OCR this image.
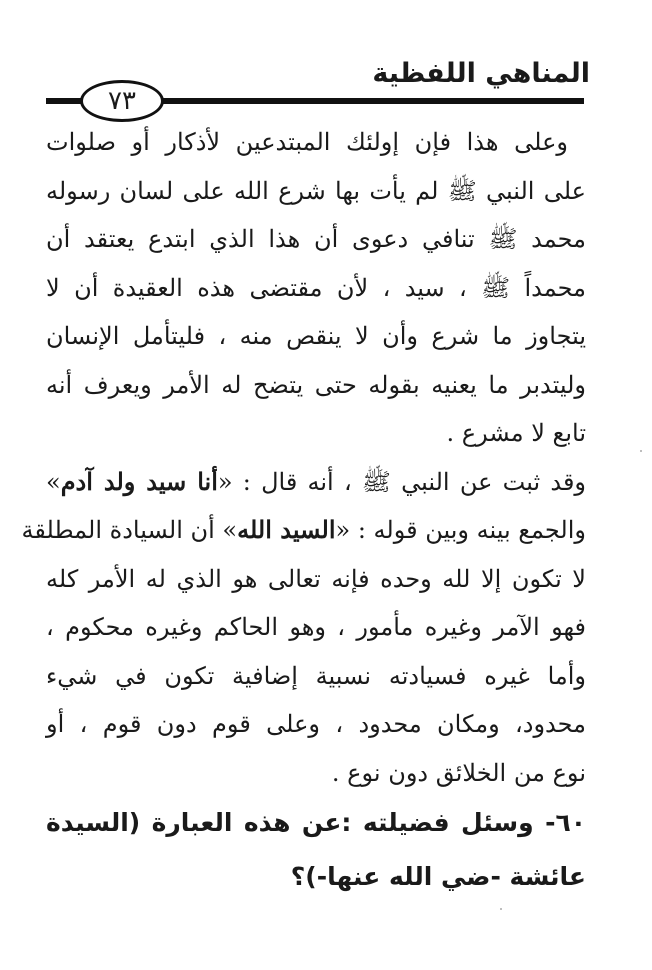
المناهي اللفظية
٧٣
وعلى هذا فإن إولئك المبتدعين لأذكار أو صلوات
على النبي ﷺ لم يأت بها شرع الله على لسان رسوله
محمد ﷺ تنافي دعوى أن هذا الذي ابتدع يعتقد أن
محمداً ﷺ ، سيد ، لأن مقتضى هذه العقيدة أن لا
يتجاوز ما شرع وأن لا ينقص منه ، فليتأمل الإنسان
وليتدبر ما يعنيه بقوله حتى يتضح له الأمر ويعرف أنه
تابع لا مشرع .
وقد ثبت عن النبي ﷺ ، أنه قال : «أنا سيد ولد آدم»
والجمع بينه وبين قوله : «السيد الله» أن السيادة المطلقة
لا تكون إلا لله وحده فإنه تعالى هو الذي له الأمر كله
فهو الآمر وغيره مأمور ، وهو الحاكم وغيره محكوم ،
وأما غيره فسيادته نسبية إضافية تكون في شيء
محدود، ومكان محدود ، وعلى قوم دون قوم ، أو
نوع من الخلائق دون نوع .
٦٠- وسئل فضيلته :عن هذه العبارة (السيدة
عائشة -ضي الله عنها-)؟
